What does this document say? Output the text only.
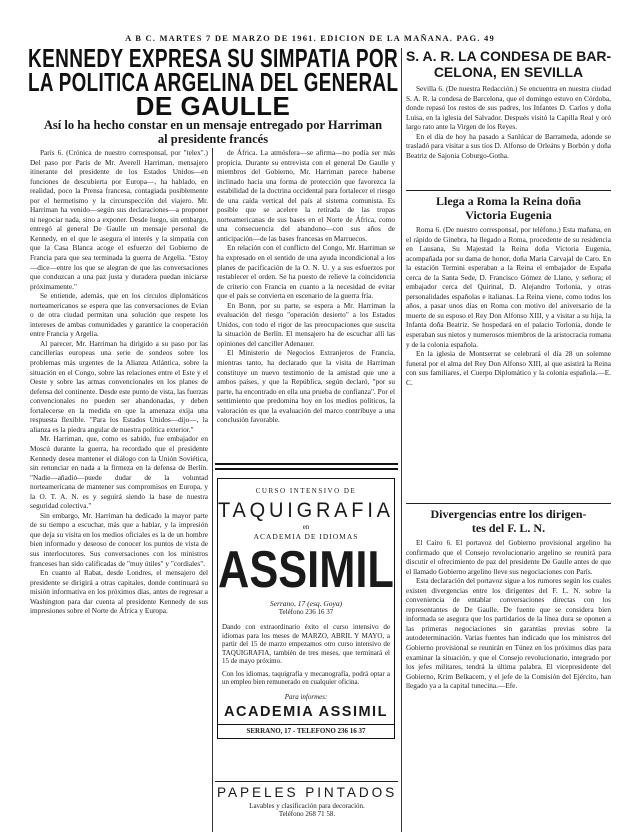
A B C. MARTES 7 DE MARZO DE 1961. EDICION DE LA MAÑANA. PAG. 49
KENNEDY EXPRESA SU SIMPATIA POR
LA POLITICA ARGELINA DEL GENERAL
DE GAULLE
Así lo ha hecho constar en un mensaje entregado por Harriman
al presidente francés

París 6. (Crónica de nuestro corresponsal, por "telex".) Del paso por París de Mr. Averell Harriman, mensajero itinerante del presidente de los Estados Unidos—en funciones de descubierta por Europa—, ha hablado, en realidad, poco la Prensa francesa, contagiada posiblemente por el hermetismo y la circunspección del viajero. Mr. Harriman ha venido—según sus declaraciones—a proponer ni negociar nada, sino a exponer. Desde luego, sin embargo, entregó al general De Gaulle un mensaje personal de Kennedy, en el que le asegura el interés y la simpatía con que la Casa Blanca acoge el esfuerzo del Gobierno de Francia para que sea terminada la guerra de Argelia. "Estoy—dice—entre los que se alegran de que las conversaciones que conduzcan a una paz justa y duradera puedan iniciarse próximamente."

Se entiende, además, que en los círculos diplomáticos norteamericanos se espera que las conversaciones de Evian o de otra ciudad permitan una solución que respete los intereses de ambas comunidades y garantice la cooperación entre Francia y Argelia.

Al parecer, Mr. Harriman ha dirigido a su paso por las cancillerías europeas una serie de sondeos sobre los problemas más urgentes de la Alianza Atlántica, sobre la situación en el Congo, sobre las relaciones entre el Este y el Oeste y sobre las armas convencionales en los planes de defensa del continente. Desde este punto de vista, las fuerzas convencionales no pueden ser abandonadas, y deben fortalecerse en la medida en que la amenaza exija una respuesta flexible. "Para los Estados Unidos—dijo—, la alianza es la piedra angular de nuestra política exterior."

Mr. Harriman, que, como es sabido, fue embajador en Moscú durante la guerra, ha recordado que el presidente Kennedy desea mantener el diálogo con la Unión Soviética, sin renunciar en nada a la firmeza en la defensa de Berlín. "Nadie—añadió—puede dudar de la voluntad norteamericana de mantener sus compromisos en Europa, y la O. T. A. N. es y seguirá siendo la base de nuestra seguridad colectiva."

Sin embargo, Mr. Harriman ha dedicado la mayor parte de su tiempo a escuchar, más que a hablar, y la impresión que deja su visita en los medios oficiales es la de un hombre bien informado y deseoso de conocer los puntos de vista de sus interlocutores. Sus conversaciones con los ministros franceses han sido calificadas de "muy útiles" y "cordiales".

En cuanto al Rabat, desde Londres, el mensajero del presidente se dirigirá a otras capitales, donde continuará su misión informativa en los próximos días, antes de regresar a Washington para dar cuenta al presidente Kennedy de sus impresiones sobre el Norte de África y Europa.

de África. La atmósfera—se afirma—no podía ser más propicia. Durante su entrevista con el general De Gaulle y miembros del Gobierno, Mr. Harriman parece haberse inclinado hacia una forma de protección que favorezca la estabilidad de la doctrina occidental para fortalecer el riesgo de una caída vertical del país al sistema comunista. Es posible que se acelere la retirada de las tropas norteamericanas de sus bases en el Norte de África, como una consecuencia del abandono—con sus años de anticipación—de las bases francesas en Marruecos.

En relación con el conflicto del Congo, Mr. Harriman se ha expresado en el sentido de una ayuda incondicional a los planes de pacificación de la O. N. U. y a sus esfuerzos por restablecer el orden. Se ha puesto de relieve la coincidencia de criterio con Francia en cuanto a la necesidad de evitar que el país se convierta en escenario de la guerra fría.

En Bonn, por su parte, se espera a Mr. Harriman la evaluación del riesgo "operación desierto" a los Estados Unidos, con todo el rigor de las preocupaciones que suscita la situación de Berlín. El mensajero ha de escuchar allí las opiniones del canciller Adenauer.

El Ministerio de Negocios Extranjeros de Francia, mientras tanto, ha declarado que la visita de Harriman constituye un nuevo testimonio de la amistad que une a ambos países, y que la República, según declaró, "por su parte, ha encontrado en ella una prueba de confianza". Por el sentimiento que predomina hoy en los medios políticos, la valoración es que la evaluación del marco contribuye a una conclusión favorable.

CURSO INTENSIVO DE
TAQUIGRAFIA
en
ACADEMIA DE IDIOMAS
ASSIMIL
Serrano, 17 (esq. Goya)
Teléfono 236 16 37
Dando con extraordinario éxito el curso intensivo de idiomas para los meses de MARZO, ABRIL Y MAYO, a partir del 15 de marzo empezamos otro curso intensivo de TAQUIGRAFIA, también de tres meses, que terminará el 15 de mayo próximo.
Con los idiomas, taquigrafía y mecanografía, podrá optar a un empleo bien remunerado en cualquier oficina.
Para informes:
ACADEMIA ASSIMIL
SERRANO, 17 - TELEFONO 236 16 37
PAPELES PINTADOS
Lavables y clasificación para decoración.
Teléfono 268 71 58.
S. A. R. LA CONDESA DE BAR-
CELONA, EN SEVILLA

Sevilla 6. (De nuestra Redacción.) Se encuentra en nuestra ciudad S. A. R. la condesa de Barcelona, que el domingo estuvo en Córdoba, donde repasó los restos de sus padres, los Infantes D. Carlos y doña Luisa, en la iglesia del Salvador. Después visitó la Capilla Real y oró largo rato ante la Virgen de los Reyes.

En el día de hoy ha pasado a Sanlúcar de Barrameda, adonde se trasladó para visitar a sus tíos D. Alfonso de Orleáns y Borbón y doña Beatriz de Sajonia Coburgo-Gotha.

Llega a Roma la Reina doña
Victoria Eugenia

Roma 6. (De nuestro corresponsal, por teléfono.) Esta mañana, en el rápido de Ginebra, ha llegado a Roma, procedente de su residencia en Lausana, Su Majestad la Reina doña Victoria Eugenia, acompañada por su dama de honor, doña María Carvajal de Caro. En la estación Termini esperaban a la Reina el embajador de España cerca de la Santa Sede, D. Francisco Gómez de Llano, y señora; el embajador cerca del Quirinal, D. Alejandro Torlonia, y otras personalidades españolas e italianas. La Reina viene, como todos los años, a pasar unos días en Roma con motivo del aniversario de la muerte de su esposo el Rey Don Alfonso XIII, y a visitar a su hija, la Infanta doña Beatriz. Se hospedará en el palacio Torlonia, donde le esperaban sus nietos y numerosos miembros de la aristocracia romana y de la colonia española.

En la iglesia de Montserrat se celebrará el día 28 un solemne funeral por el alma del Rey Don Alfonso XIII, al que asistirá la Reina con sus familiares, el Cuerpo Diplomático y la colonia española.—E. C.

Divergencias entre los dirigen-
tes del F. L. N.

El Cairo 6. El portavoz del Gobierno provisional argelino ha confirmado que el Consejo revolucionario argelino se reunirá para discutir el ofrecimiento de paz del presidente De Gaulle antes de que el llamado Gobierno argelino lleve sus negociaciones con París.

Esta declaración del portavoz sigue a los rumores según los cuales existen divergencias entre los dirigentes del F. L. N. sobre la conveniencia de entablar conversaciones directas con los representantes de De Gaulle. De fuente que se considera bien informada se asegura que los partidarios de la línea dura se oponen a las primeras negociaciones sin garantías previas sobre la autodeterminación. Varias fuentes han indicado que los ministros del Gobierno provisional se reunirán en Túnez en los próximos días para examinar la situación, y que el Consejo revolucionario, integrado por los jefes militares, tendrá la última palabra. El vicepresidente del Gobierno, Krim Belkacem, y el jefe de la Comisión del Ejército, han llegado ya a la capital tunecina.—Efe.
